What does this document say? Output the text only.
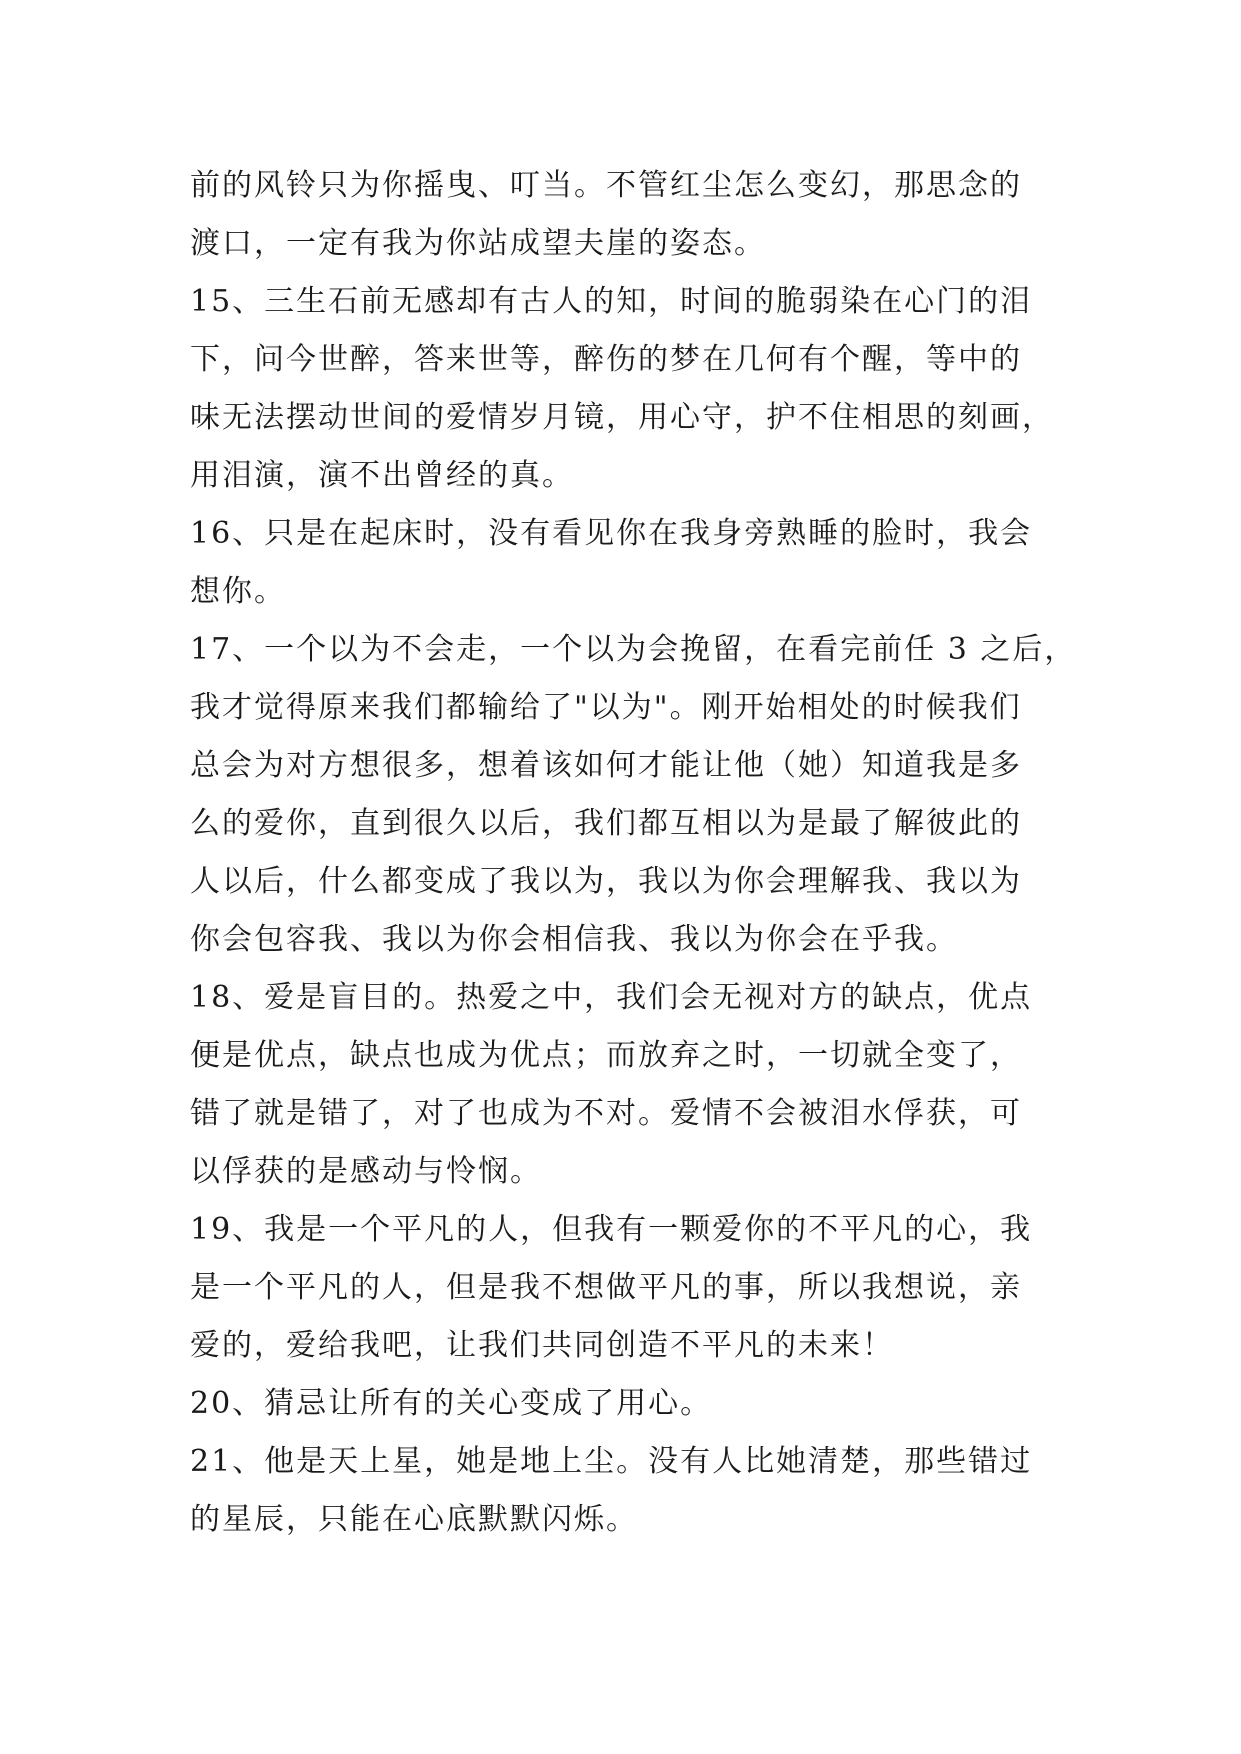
前的风铃只为你摇曳、叮当。不管红尘怎么变幻，那思念的
渡口，一定有我为你站成望夫崖的姿态。
15、三生石前无感却有古人的知，时间的脆弱染在心门的泪
下，问今世醉，答来世等，醉伤的梦在几何有个醒，等中的
味无法摆动世间的爱情岁月镜，用心守，护不住相思的刻画，
用泪演，演不出曾经的真。
16、只是在起床时，没有看见你在我身旁熟睡的脸时，我会
想你。
17、一个以为不会走，一个以为会挽留，在看完前任 3 之后，
我才觉得原来我们都输给了"以为"。刚开始相处的时候我们
总会为对方想很多，想着该如何才能让他（她）知道我是多
么的爱你，直到很久以后，我们都互相以为是最了解彼此的
人以后，什么都变成了我以为，我以为你会理解我、我以为
你会包容我、我以为你会相信我、我以为你会在乎我。
18、爱是盲目的。热爱之中，我们会无视对方的缺点，优点
便是优点，缺点也成为优点；而放弃之时，一切就全变了，
错了就是错了，对了也成为不对。爱情不会被泪水俘获，可
以俘获的是感动与怜悯。
19、我是一个平凡的人，但我有一颗爱你的不平凡的心，我
是一个平凡的人，但是我不想做平凡的事，所以我想说，亲
爱的，爱给我吧，让我们共同创造不平凡的未来！
20、猜忌让所有的关心变成了用心。
21、他是天上星，她是地上尘。没有人比她清楚，那些错过
的星辰，只能在心底默默闪烁。
